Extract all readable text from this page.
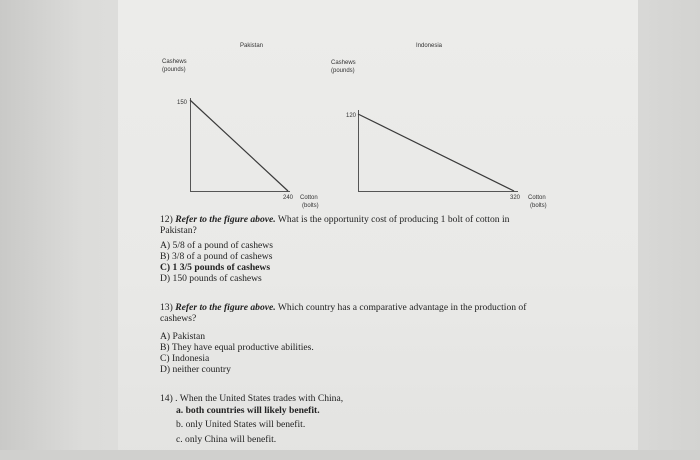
Pakistan
Cashews
(pounds)
150
240 Cotton
(bolts)
Indonesia
Cashews
(pounds)
120
320 Cotton
(bolts)
12) Refer to the figure above. What is the opportunity cost of producing 1 bolt of cotton in
Pakistan?
A) 5/8 of a pound of cashews
B) 3/8 of a pound of cashews
C) 1 3/5 pounds of cashews
D) 150 pounds of cashews
13) Refer to the figure above. Which country has a comparative advantage in the production of
cashews?
A) Pakistan
B) They have equal productive abilities.
C) Indonesia
D) neither country
14) . When the United States trades with China,
a. both countries will likely benefit.
b. only United States will benefit.
c. only China will benefit.
